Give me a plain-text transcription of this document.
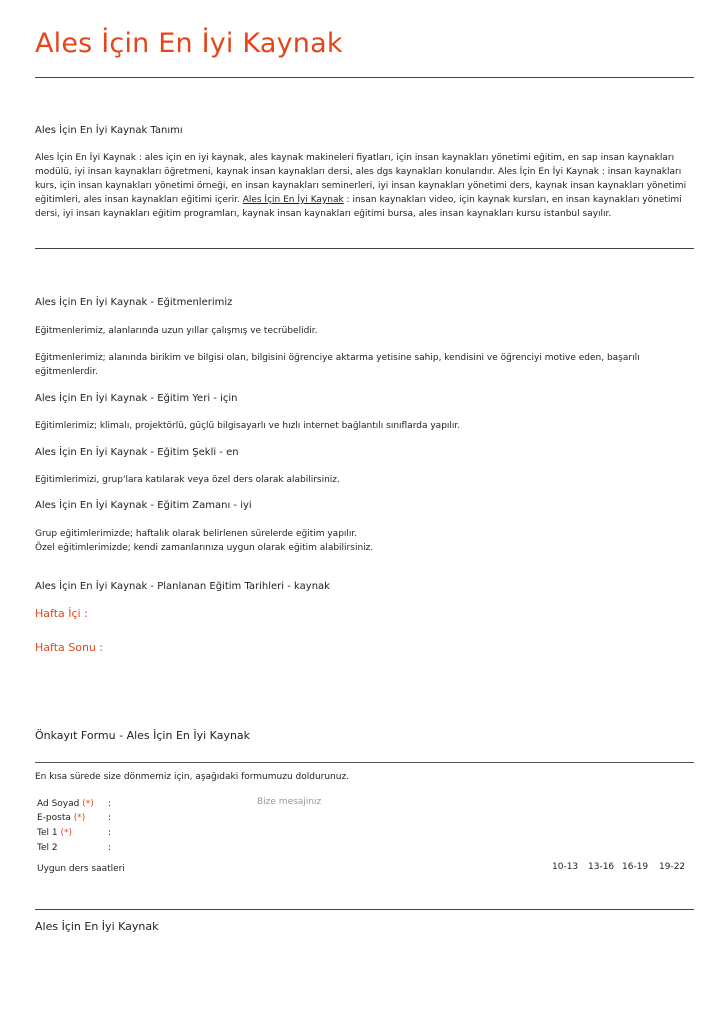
Ales İçin En İyi Kaynak
Ales İçin En İyi Kaynak Tanımı
Ales İçin En İyi Kaynak : ales için en iyi kaynak, ales kaynak makineleri fiyatları, için insan kaynakları yönetimi eğitim, en sap insan kaynakları modülü, iyi insan kaynakları öğretmeni, kaynak insan kaynakları dersi, ales dgs kaynakları konularıdır. Ales İçin En İyi Kaynak : insan kaynakları kurs, için insan kaynakları yönetimi örneği, en insan kaynakları seminerleri, iyi insan kaynakları yönetimi ders, kaynak insan kaynakları yönetimi eğitimleri, ales insan kaynakları eğitimi içerir. Ales İçin En İyi Kaynak : insan kaynakları video, için kaynak kursları, en insan kaynakları yönetimi dersi, iyi insan kaynakları eğitim programları, kaynak insan kaynakları eğitimi bursa, ales insan kaynakları kursu istanbul sayılır.
Ales İçin En İyi Kaynak - Eğitmenlerimiz
Eğitmenlerimiz, alanlarında uzun yıllar çalışmış ve tecrübelidir.
Eğitmenlerimiz; alanında birikim ve bilgisi olan, bilgisini öğrenciye aktarma yetisine sahip, kendisini ve öğrenciyi motive eden, başarılı eğitmenlerdir.
Ales İçin En İyi Kaynak - Eğitim Yeri - için
Eğitimlerimiz; klimalı, projektörlü, güçlü bilgisayarlı ve hızlı internet bağlantılı sınıflarda yapılır.
Ales İçin En İyi Kaynak - Eğitim Şekli - en
Eğitimlerimizi, grup'lara katılarak veya özel ders olarak alabilirsiniz.
Ales İçin En İyi Kaynak - Eğitim Zamanı - iyi
Grup eğitimlerimizde; haftalık olarak belirlenen sürelerde eğitim yapılır.
Özel eğitimlerimizde; kendi zamanlarınıza uygun olarak eğitim alabilirsiniz.
Ales İçin En İyi Kaynak - Planlanan Eğitim Tarihleri - kaynak
Hafta İçi :
Hafta Sonu :
Önkayıt Formu - Ales İçin En İyi Kaynak
En kısa sürede size dönmemiz için, aşağıdaki formumuzu doldurunuz.
Ad Soyad (*) :
E-posta (*)	:
Tel 1 (*)	:
Tel 2	:
Bize mesajınız
Uygun ders saatleri	10-13 13-16 16-19 19-22
Ales İçin En İyi Kaynak
